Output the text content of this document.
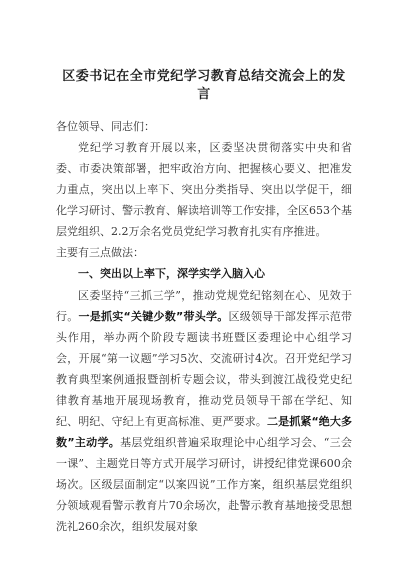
区委书记在全市党纪学习教育总结交流会上的发言

各位领导、同志们：

党纪学习教育开展以来，区委坚决贯彻落实中央和省委、市委决策部署，把牢政治方向、把握核心要义、把准发力重点，突出以上率下、突出分类指导、突出以学促干，细化学习研讨、警示教育、解读培训等工作安排，全区653个基层党组织、2.2万余名党员党纪学习教育扎实有序推进。

主要有三点做法：

一、突出以上率下，深学实学入脑入心

区委坚持“三抓三学”，推动党规党纪铭刻在心、见效于行。一是抓实“关键少数”带头学。区级领导干部发挥示范带头作用，举办两个阶段专题读书班暨区委理论中心组学习会，开展“第一议题”学习5次、交流研讨4次。召开党纪学习教育典型案例通报暨剖析专题会议，带头到渡江战役党史纪律教育基地开展现场教育，推动党员领导干部在学纪、知纪、明纪、守纪上有更高标准、更严要求。二是抓紧“绝大多数”主动学。基层党组织普遍采取理论中心组学习会、“三会一课”、主题党日等方式开展学习研讨，讲授纪律党课600余场次。区级层面制定“以案四说”工作方案，组织基层党组织分领域观看警示教育片70余场次，赴警示教育基地接受思想洗礼260余次，组织发展对象
